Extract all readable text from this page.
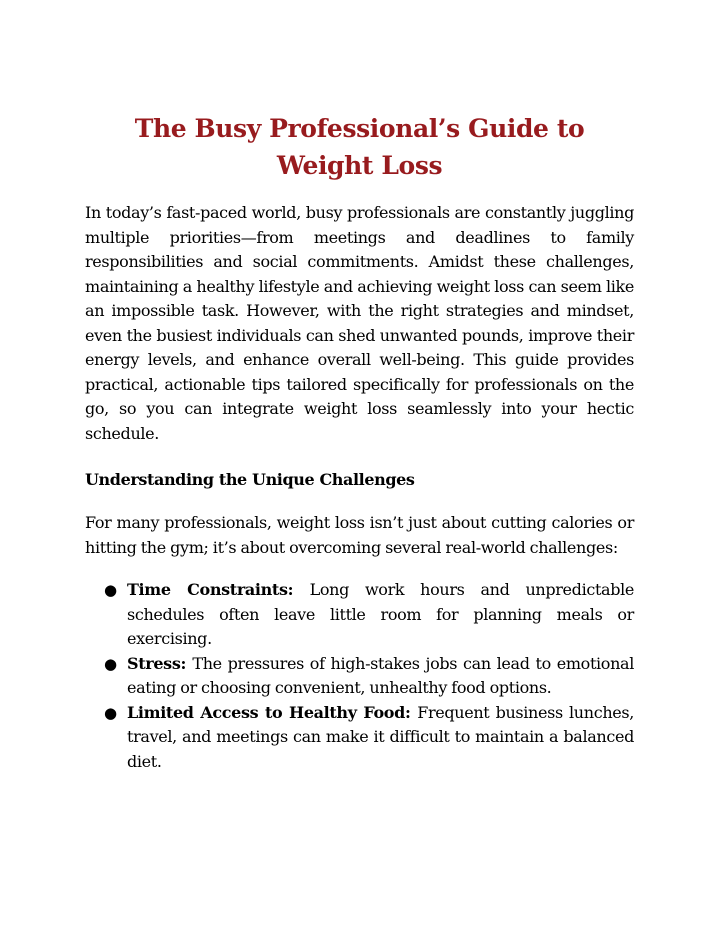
The Busy Professional’s Guide to Weight Loss

In today’s fast-paced world, busy professionals are constantly juggling multiple priorities—from meetings and deadlines to family responsibilities and social commitments. Amidst these challenges, maintaining a healthy lifestyle and achieving weight loss can seem like an impossible task. However, with the right strategies and mindset, even the busiest individuals can shed unwanted pounds, improve their energy levels, and enhance overall well-being. This guide provides practical, actionable tips tailored specifically for professionals on the go, so you can integrate weight loss seamlessly into your hectic schedule.

Understanding the Unique Challenges

For many professionals, weight loss isn’t just about cutting calories or hitting the gym; it’s about overcoming several real-world challenges:

● Time Constraints: Long work hours and unpredictable schedules often leave little room for planning meals or exercising.
● Stress: The pressures of high-stakes jobs can lead to emotional eating or choosing convenient, unhealthy food options.
● Limited Access to Healthy Food: Frequent business lunches, travel, and meetings can make it difficult to maintain a balanced diet.
